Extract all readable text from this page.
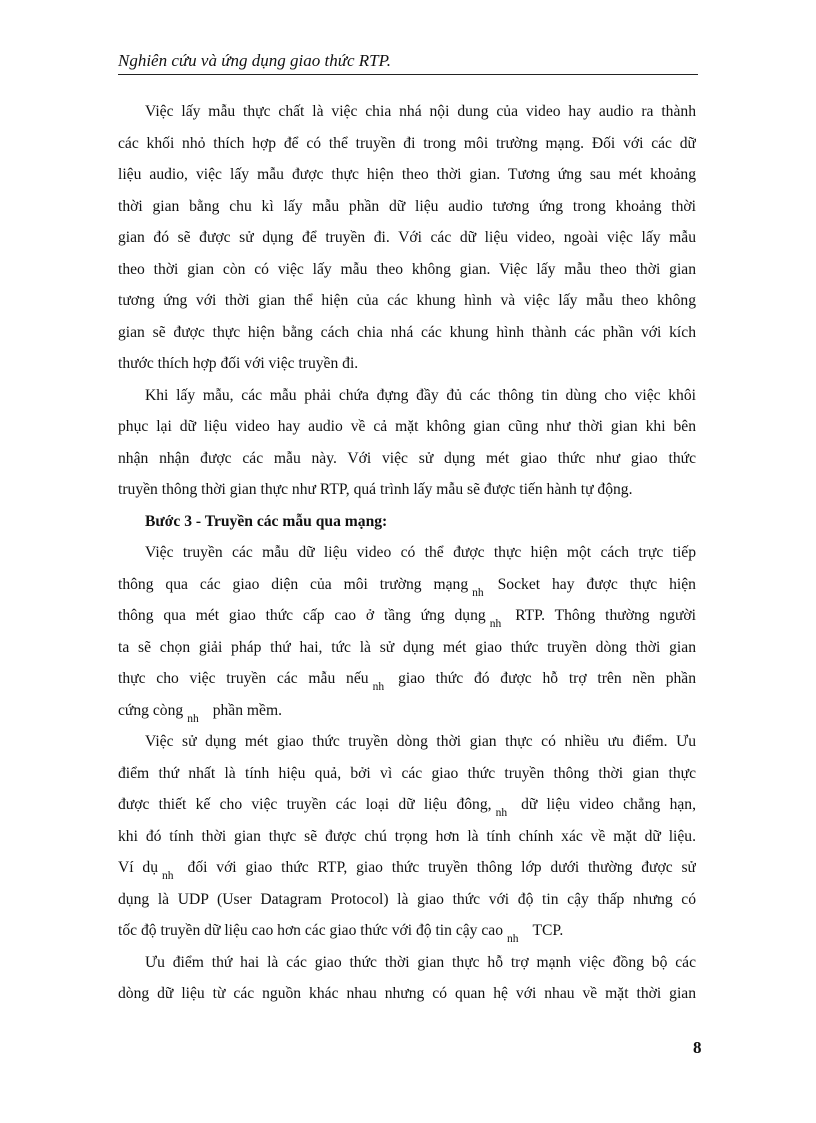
Nghiên cứu và ứng dụng giao thức RTP.
Việc lấy mẫu thực chất là việc chia nhá nội dung của video hay audio ra thành
các khối nhỏ thích hợp để có thể truyền đi trong môi trường mạng. Đối với các dữ
liệu audio, việc lấy mẫu được thực hiện theo thời gian. Tương ứng sau mét khoảng
thời gian bằng chu kì lấy mẫu phần dữ liệu audio tương ứng trong khoảng thời
gian đó sẽ được sử dụng để truyền đi. Với các dữ liệu video, ngoài việc lấy mẫu
theo thời gian còn có việc lấy mẫu theo không gian. Việc lấy mẫu theo thời gian
tương ứng với thời gian thể hiện của các khung hình và việc lấy mẫu theo không
gian sẽ được thực hiện bằng cách chia nhá các khung hình thành các phần với kích
thước thích hợp đối với việc truyền đi.
Khi lấy mẫu, các mẫu phải chứa đựng đầy đủ các thông tin dùng cho việc khôi
phục lại dữ liệu video hay audio về cả mặt không gian cũng như thời gian khi bên
nhận nhận được các mẫu này. Với việc sử dụng mét giao thức như giao thức
truyền thông thời gian thực như RTP, quá trình lấy mẫu sẽ được tiến hành tự động.
Bước 3 - Truyền các mẫu qua mạng:
Việc truyền các mẫu dữ liệu video có thể được thực hiện một cách trực tiếp
thông qua các giao diện của môi trường mạng $_{nh}$ Socket hay được thực hiện
thông qua mét giao thức cấp cao ở tầng ứng dụng $_{nh}$ RTP. Thông thường người
ta sẽ chọn giải pháp thứ hai, tức là sử dụng mét giao thức truyền dòng thời gian
thực cho việc truyền các mẫu nếu $_{nh}$ giao thức đó được hỗ trợ trên nền phần
cứng còng $_{nh}$ phần mềm.
Việc sử dụng mét giao thức truyền dòng thời gian thực có nhiều ưu điểm. Ưu
điểm thứ nhất là tính hiệu quả, bởi vì các giao thức truyền thông thời gian thực
được thiết kế cho việc truyền các loại dữ liệu đông, $_{nh}$ dữ liệu video chẳng hạn,
khi đó tính thời gian thực sẽ được chú trọng hơn là tính chính xác về mặt dữ liệu.
Ví dụ $_{nh}$ đối với giao thức RTP, giao thức truyền thông lớp dưới thường được sử
dụng là UDP (User Datagram Protocol) là giao thức với độ tin cậy thấp nhưng có
tốc độ truyền dữ liệu cao hơn các giao thức với độ tin cậy cao $_{nh}$ TCP.
Ưu điểm thứ hai là các giao thức thời gian thực hỗ trợ mạnh việc đồng bộ các
dòng dữ liệu từ các nguồn khác nhau nhưng có quan hệ với nhau về mặt thời gian
8
